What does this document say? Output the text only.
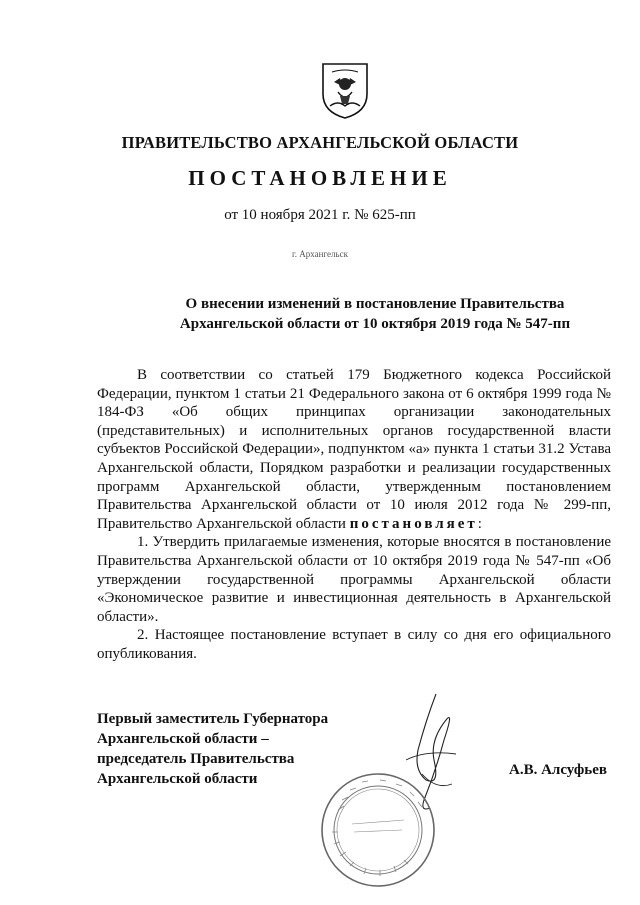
ПРАВИТЕЛЬСТВО АРХАНГЕЛЬСКОЙ ОБЛАСТИ
ПОСТАНОВЛЕНИЕ
от 10 ноября 2021 г. № 625-пп
г. Архангельск
О внесении изменений в постановление Правительства
Архангельской области от 10 октября 2019 года № 547-пп

В соответствии со статьей 179 Бюджетного кодекса Российской Федерации, пунктом 1 статьи 21 Федерального закона от 6 октября 1999 года № 184-ФЗ «Об общих принципах организации законодательных (представительных) и исполнительных органов государственной власти субъектов Российской Федерации», подпунктом «а» пункта 1 статьи 31.2 Устава Архангельской области, Порядком разработки и реализации государственных программ Архангельской области, утвержденным постановлением Правительства Архангельской области от 10 июля 2012 года № 299-пп, Правительство Архангельской области постановляет:

1. Утвердить прилагаемые изменения, которые вносятся в постановление Правительства Архангельской области от 10 октября 2019 года № 547-пп «Об утверждении государственной программы Архангельской области «Экономическое развитие и инвестиционная деятельность в Архангельской области».

2. Настоящее постановление вступает в силу со дня его официального опубликования.

Первый заместитель Губернатора
Архангельской области –
председатель Правительства
Архангельской области
А.В. Алсуфьев
